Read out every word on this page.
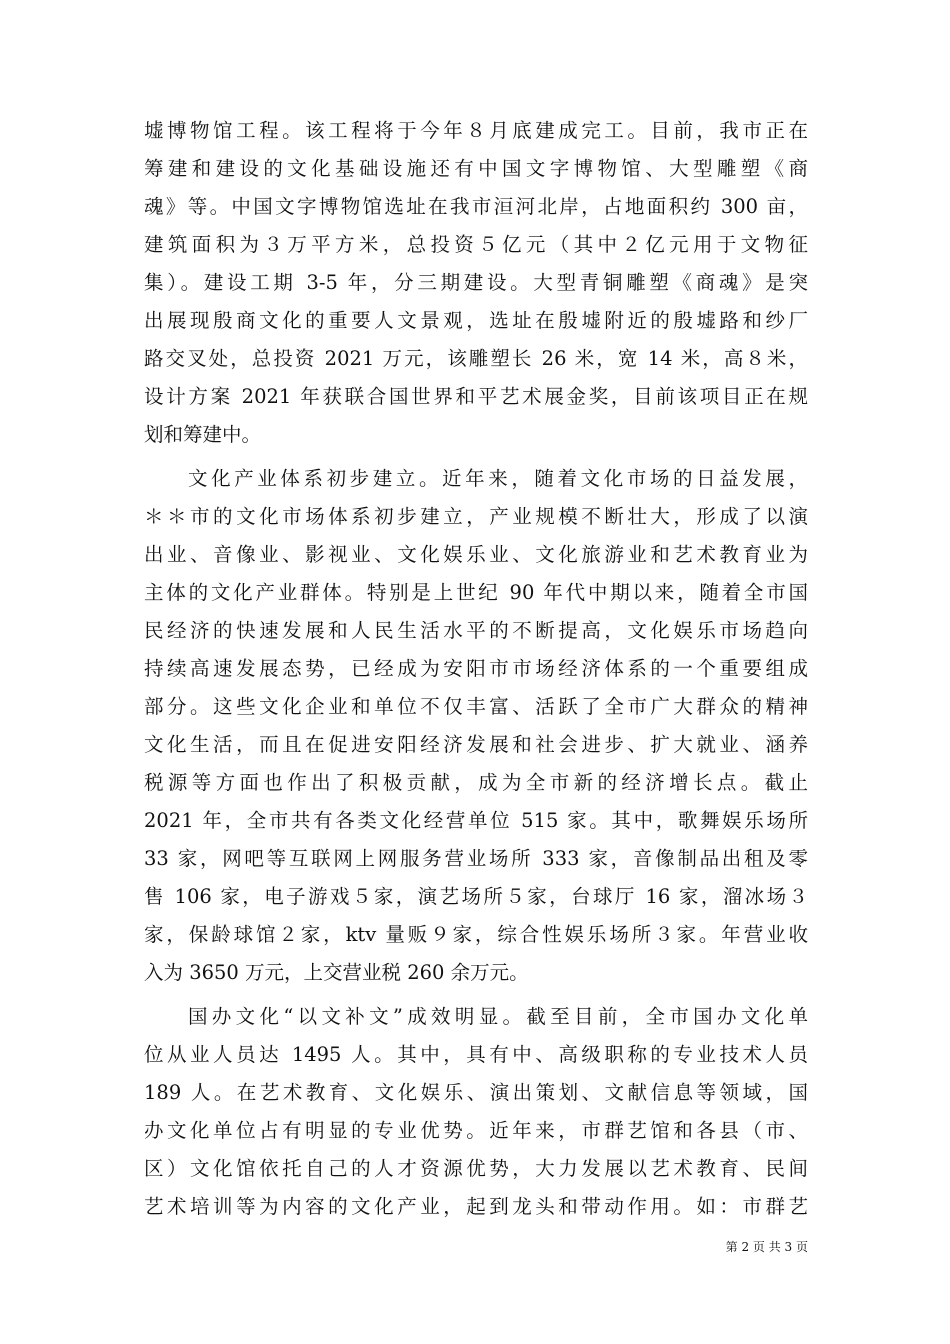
墟博物馆工程。该工程将于今年８月底建成完工。目前，我市正在
筹建和建设的文化基础设施还有中国文字博物馆、大型雕塑《商
魂》等。中国文字博物馆选址在我市洹河北岸，占地面积约 300 亩，
建筑面积为３万平方米，总投资５亿元（其中２亿元用于文物征
集）。建设工期 3-5 年，分三期建设。大型青铜雕塑《商魂》是突
出展现殷商文化的重要人文景观，选址在殷墟附近的殷墟路和纱厂
路交叉处，总投资 2021 万元，该雕塑长 26 米，宽 14 米，高８米，
设计方案 2021 年获联合国世界和平艺术展金奖，目前该项目正在规
划和筹建中。
文化产业体系初步建立。近年来，随着文化市场的日益发展，
＊＊市的文化市场体系初步建立，产业规模不断壮大，形成了以演
出业、音像业、影视业、文化娱乐业、文化旅游业和艺术教育业为
主体的文化产业群体。特别是上世纪 90 年代中期以来，随着全市国
民经济的快速发展和人民生活水平的不断提高，文化娱乐市场趋向
持续高速发展态势，已经成为安阳市市场经济体系的一个重要组成
部分。这些文化企业和单位不仅丰富、活跃了全市广大群众的精神
文化生活，而且在促进安阳经济发展和社会进步、扩大就业、涵养
税源等方面也作出了积极贡献，成为全市新的经济增长点。截止
2021 年，全市共有各类文化经营单位 515 家。其中，歌舞娱乐场所
33 家，网吧等互联网上网服务营业场所 333 家，音像制品出租及零
售 106 家，电子游戏５家，演艺场所５家，台球厅 16 家，溜冰场３
家，保龄球馆２家，ktv 量贩９家，综合性娱乐场所３家。年营业收
入为 3650 万元，上交营业税 260 余万元。
国办文化“以文补文”成效明显。截至目前，全市国办文化单
位从业人员达 1495 人。其中，具有中、高级职称的专业技术人员
189 人。在艺术教育、文化娱乐、演出策划、文献信息等领域，国
办文化单位占有明显的专业优势。近年来，市群艺馆和各县（市、
区）文化馆依托自己的人才资源优势，大力发展以艺术教育、民间
艺术培训等为内容的文化产业，起到龙头和带动作用。如：市群艺
第 2 页 共 3 页
